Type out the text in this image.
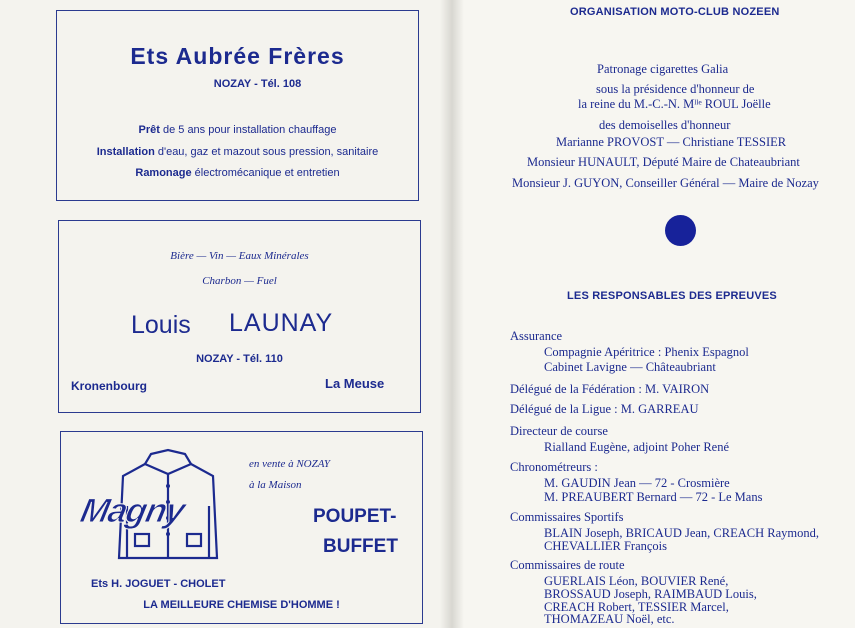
Ets Aubrée Frères
NOZAY - Tél. 108
Prêt de 5 ans pour installation chauffage
Installation d'eau, gaz et mazout sous pression, sanitaire
Ramonage électromécanique et entretien
Bière — Vin — Eaux Minérales
Charbon — Fuel
Louis LAUNAY
NOZAY - Tél. 110
Kronenbourg	La Meuse
Magny
en vente à NOZAY
à la Maison
POUPET-
BUFFET
Ets H. JOGUET - CHOLET
LA MEILLEURE CHEMISE D'HOMME !
ORGANISATION MOTO-CLUB NOZEEN
Patronage cigarettes Galia
sous la présidence d'honneur de
la reine du M.-C.-N. Mˡˡᵉ ROUL Joëlle
des demoiselles d'honneur
Marianne PROVOST — Christiane TESSIER
Monsieur HUNAULT, Député Maire de Chateaubriant
Monsieur J. GUYON, Conseiller Général — Maire de Nozay
LES RESPONSABLES DES EPREUVES
Assurance
Compagnie Apéritrice : Phenix Espagnol
Cabinet Lavigne — Châteaubriant
Délégué de la Fédération : M. VAIRON
Délégué de la Ligue : M. GARREAU
Directeur de course
Rialland Eugène, adjoint Poher René
Chronométreurs :
M. GAUDIN Jean — 72 - Crosmière
M. PREAUBERT Bernard — 72 - Le Mans
Commissaires Sportifs
BLAIN Joseph, BRICAUD Jean, CREACH Raymond,
CHEVALLIER François
Commissaires de route
GUERLAIS Léon, BOUVIER René,
BROSSAUD Joseph, RAIMBAUD Louis,
CREACH Robert, TESSIER Marcel,
THOMAZEAU Noël, etc.
